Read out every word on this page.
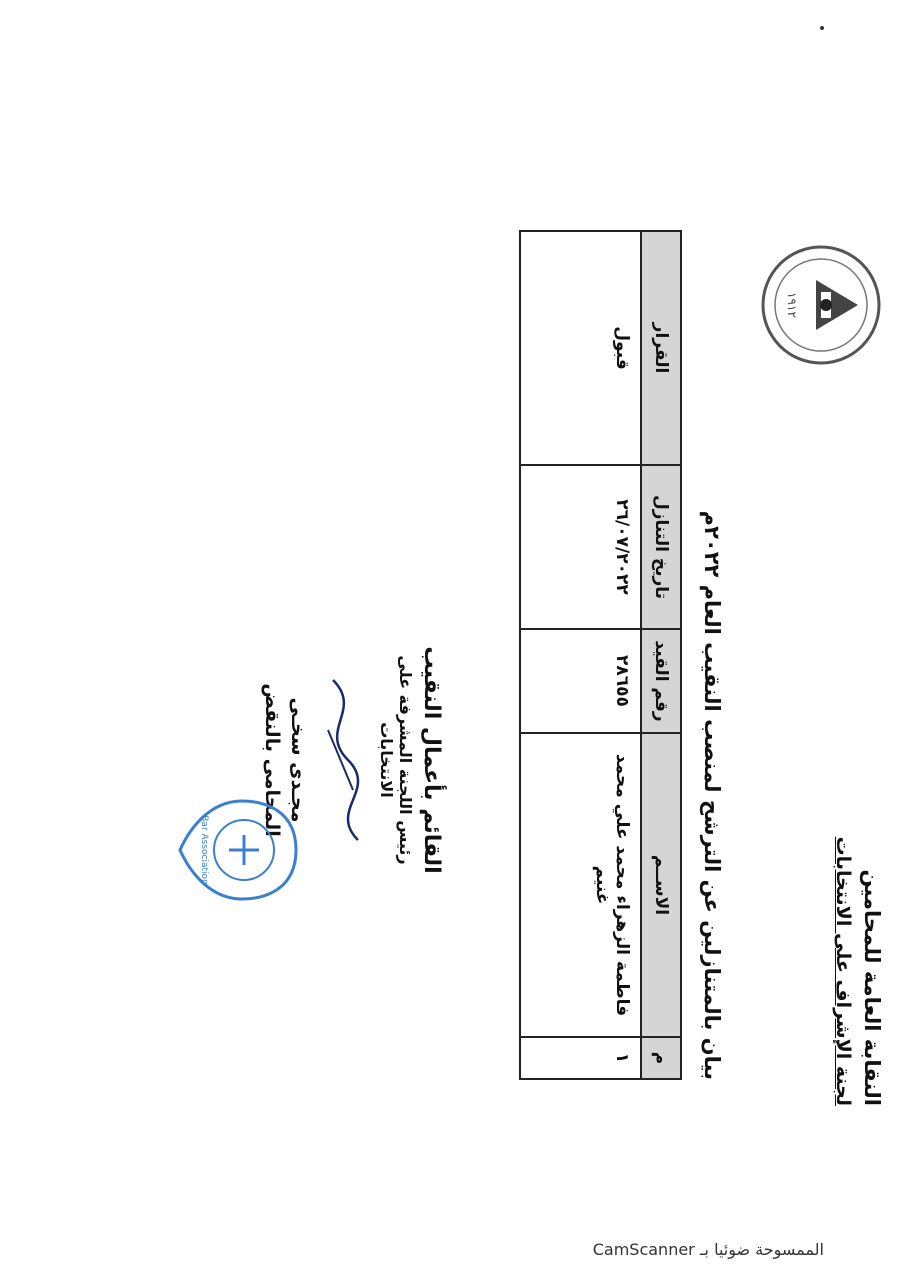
النقابة العامة للمحامين
لجنة الإشراف على الانتخابات
١٩١٢
بيان بالمتنازلين عن الترشح لمنصب النقيب العام ٢٠٢٢م
م	الاســم	رقم القيد	تاريخ التنازل	القرار
١	فاطمة الزهراء محمد علي محمد غنيم	٢٨٦٥٥	٢٦/٠٧/٢٠٢٢	قبول
القائم بأعمال النقيب
رئيس اللجنة المشرفة على الانتخابات
مجـدى سخـى
المحامى بالنقض
Bar Association
الممسوحة ضوئيا بـ CamScanner
